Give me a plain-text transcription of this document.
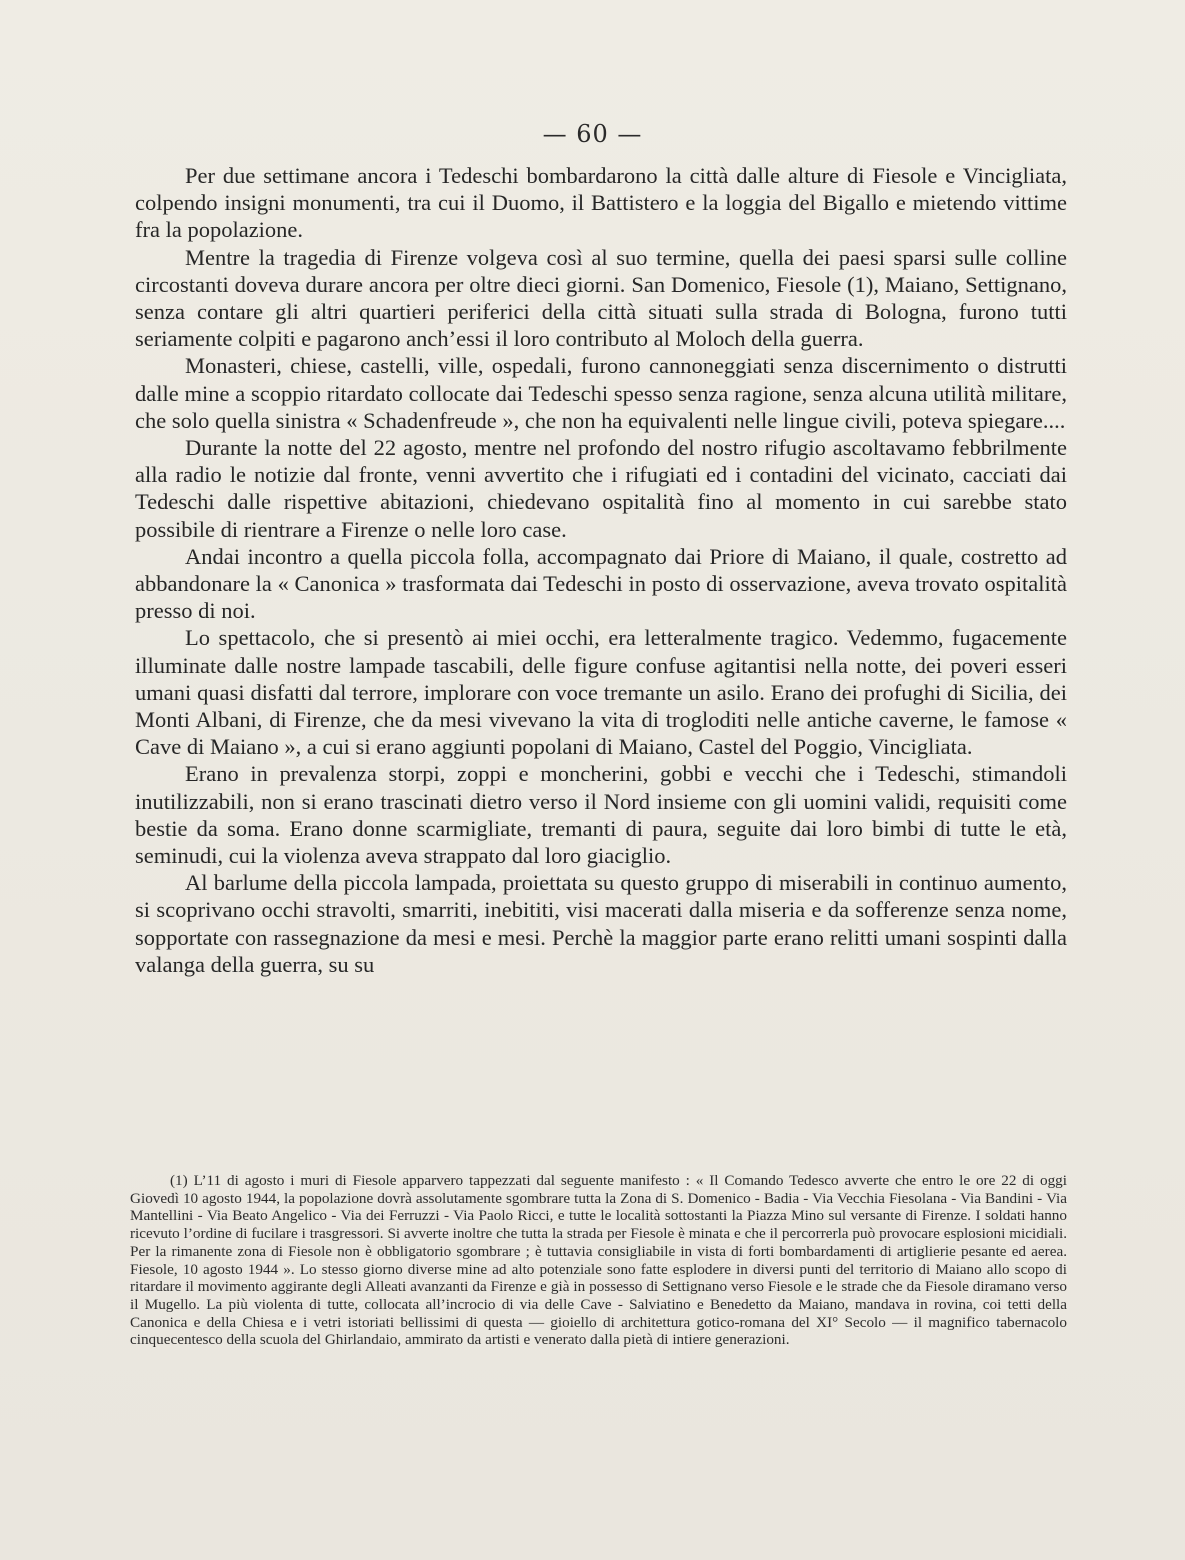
— 60 —

Per due settimane ancora i Tedeschi bombardarono la città dalle alture di Fiesole e Vincigliata, colpendo insigni monumenti, tra cui il Duomo, il Battistero e la loggia del Bigallo e mietendo vittime fra la popolazione.

Mentre la tragedia di Firenze volgeva così al suo termine, quella dei paesi sparsi sulle colline circostanti doveva durare ancora per oltre dieci giorni. San Domenico, Fiesole (1), Maiano, Settignano, senza contare gli altri quartieri periferici della città situati sulla strada di Bologna, furono tutti seriamente colpiti e pagarono anch’essi il loro contributo al Moloch della guerra.

Monasteri, chiese, castelli, ville, ospedali, furono cannoneggiati senza discernimento o distrutti dalle mine a scoppio ritardato collocate dai Tedeschi spesso senza ragione, senza alcuna utilità militare, che solo quella sinistra « Schadenfreude », che non ha equivalenti nelle lingue civili, poteva spiegare....

Durante la notte del 22 agosto, mentre nel profondo del nostro rifugio ascoltavamo febbrilmente alla radio le notizie dal fronte, venni avvertito che i rifugiati ed i contadini del vicinato, cacciati dai Tedeschi dalle rispettive abitazioni, chiedevano ospitalità fino al momento in cui sarebbe stato possibile di rientrare a Firenze o nelle loro case.

Andai incontro a quella piccola folla, accompagnato dai Priore di Maiano, il quale, costretto ad abbandonare la « Canonica » trasformata dai Tedeschi in posto di osservazione, aveva trovato ospitalità presso di noi.

Lo spettacolo, che si presentò ai miei occhi, era letteralmente tragico. Vedemmo, fugacemente illuminate dalle nostre lampade tascabili, delle figure confuse agitantisi nella notte, dei poveri esseri umani quasi disfatti dal terrore, implorare con voce tremante un asilo. Erano dei profughi di Sicilia, dei Monti Albani, di Firenze, che da mesi vivevano la vita di trogloditi nelle antiche caverne, le famose « Cave di Maiano », a cui si erano aggiunti popolani di Maiano, Castel del Poggio, Vincigliata.

Erano in prevalenza storpi, zoppi e moncherini, gobbi e vecchi che i Tedeschi, stimandoli inutilizzabili, non si erano trascinati dietro verso il Nord insieme con gli uomini validi, requisiti come bestie da soma. Erano donne scarmigliate, tremanti di paura, seguite dai loro bimbi di tutte le età, seminudi, cui la violenza aveva strappato dal loro giaciglio.

Al barlume della piccola lampada, proiettata su questo gruppo di miserabili in continuo aumento, si scoprivano occhi stravolti, smarriti, inebititi, visi macerati dalla miseria e da sofferenze senza nome, sopportate con rassegnazione da mesi e mesi. Perchè la maggior parte erano relitti umani sospinti dalla valanga della guerra, su su

(1) L’11 di agosto i muri di Fiesole apparvero tappezzati dal seguente manifesto : « Il Comando Tedesco avverte che entro le ore 22 di oggi Giovedì 10 agosto 1944, la popolazione dovrà assolutamente sgombrare tutta la Zona di S. Domenico - Badia - Via Vecchia Fiesolana - Via Bandini - Via Mantellini - Via Beato Angelico - Via dei Ferruzzi - Via Paolo Ricci, e tutte le località sottostanti la Piazza Mino sul versante di Firenze. I soldati hanno ricevuto l’ordine di fucilare i trasgressori. Si avverte inoltre che tutta la strada per Fiesole è minata e che il percorrerla può provocare esplosioni micidiali. Per la rimanente zona di Fiesole non è obbligatorio sgombrare ; è tuttavia consigliabile in vista di forti bombardamenti di artiglierie pesante ed aerea. Fiesole, 10 agosto 1944 ». Lo stesso giorno diverse mine ad alto potenziale sono fatte esplodere in diversi punti del territorio di Maiano allo scopo di ritardare il movimento aggirante degli Alleati avanzanti da Firenze e già in possesso di Settignano verso Fiesole e le strade che da Fiesole diramano verso il Mugello. La più violenta di tutte, collocata all’incrocio di via delle Cave - Salviatino e Benedetto da Maiano, mandava in rovina, coi tetti della Canonica e della Chiesa e i vetri istoriati bellissimi di questa — gioiello di architettura gotico-romana del XI° Secolo — il magnifico tabernacolo cinquecentesco della scuola del Ghirlandaio, ammirato da artisti e venerato dalla pietà di intiere generazioni.
